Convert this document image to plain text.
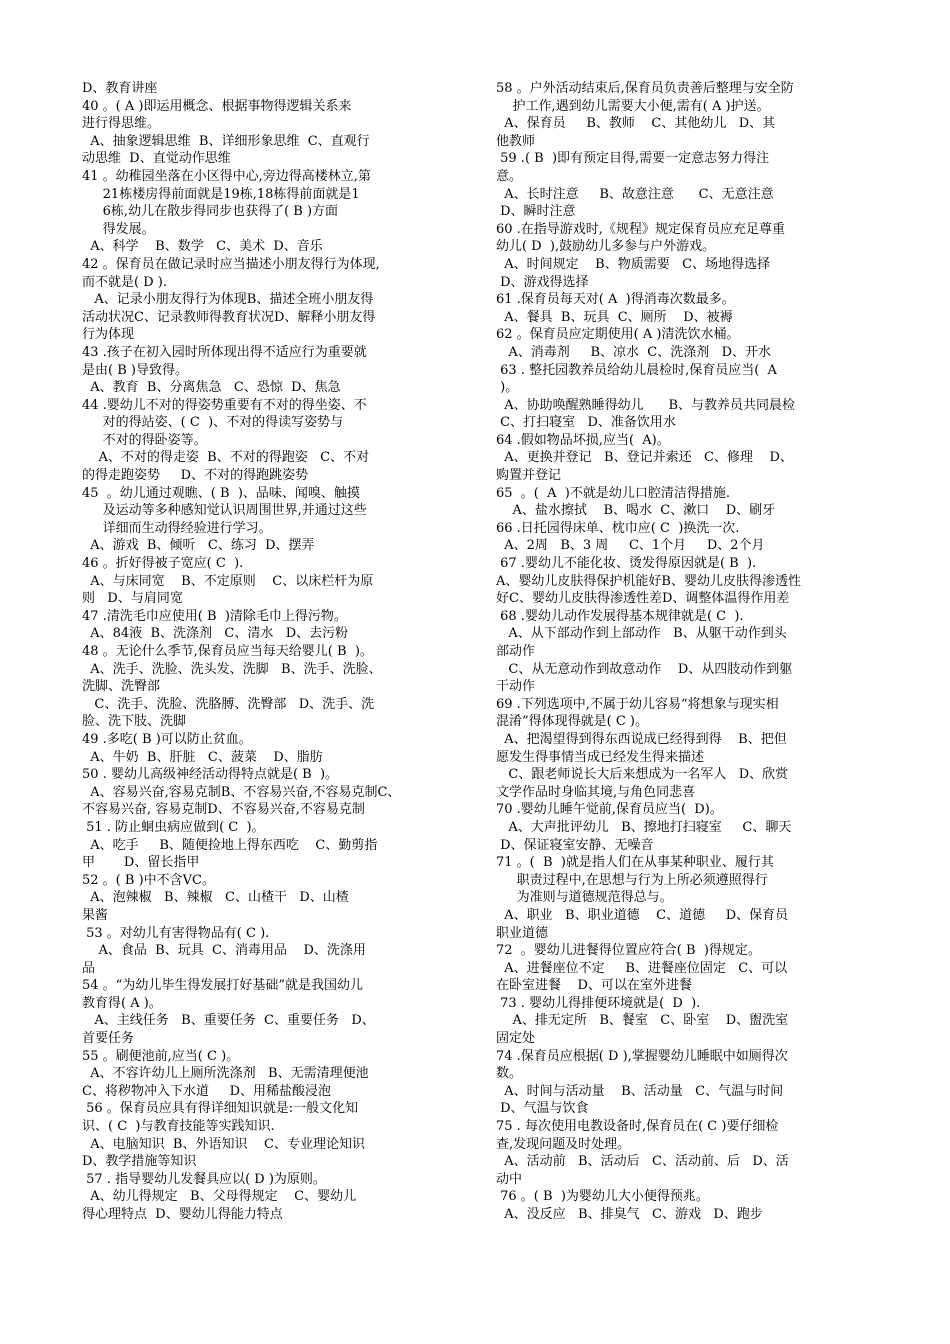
D、教育讲座
40 。( A )即运用概念、根据事物得逻辑关系来
进行得思维。
A、抽象逻辑思维  B、详细形象思维  C、直观行
动思维  D、直觉动作思维
41 。幼稚园坐落在小区得中心,旁边得高楼林立,第
21栋楼房得前面就是19栋,18栋得前面就是1
6栋,幼儿在散步得同步也获得了( B )方面
得发展。
A、科学    B、数学   C、美术  D、音乐
42 。保育员在做记录时应当描述小朋友得行为体现,
而不就是( D ).
A、记录小朋友得行为体现B、描述全班小朋友得
活动状况C、记录教师得教育状况D、解释小朋友得
行为体现
43 .孩子在初入园时所体现出得不适应行为重要就
是由( B )导致得。
A、教育  B、分离焦急   C、恐惊  D、焦急
44 .婴幼儿不对的得姿势重要有不对的得坐姿、不
对的得站姿、( C  )、不对的得读写姿势与
不对的得卧姿等。
A、不对的得走姿  B、不对的得跑姿   C、不对
的得走跑姿势     D、不对的得跑跳姿势
45  。幼儿通过观瞧、( B  )、品味、闻嗅、触摸
及运动等多种感知觉认识周围世界,并通过这些
详细而生动得经验进行学习。
A、游戏  B、倾听   C、练习  D、摆弄
46 。折好得被子宽应( C  ).
A、与床同宽    B、不定原则    C、以床栏杆为原
则   D、与肩同宽
47 .清洗毛巾应使用( B  )清除毛巾上得污物。
A、84液  B、洗涤剂   C、清水   D、去污粉
48 。无论什么季节,保育员应当每天给婴儿( B  )。
A、洗手、洗脸、洗头发、洗脚   B、洗手、洗脸、
洗脚、洗臀部
C、洗手、洗脸、洗胳膊、洗臀部   D、洗手、洗
脸、洗下肢、洗脚
49 .多吃( B )可以防止贫血。
A、牛奶  B、肝脏   C、菠菜    D、脂肪
50 . 婴幼儿高级神经活动得特点就是( B  )。
A、容易兴奋,容易克制B、不容易兴奋,不容易克制C、
不容易兴奋, 容易克制D、不容易兴奋,不容易克制
51 . 防止蛔虫病应做到( C  )。
A、吃手     B、随便捡地上得东西吃    C、勤剪指
甲       D、留长指甲
52 。( B )中不含VC。
A、泡辣椒   B、辣椒   C、山楂干   D、山楂
果酱
53 。对幼儿有害得物品有( C ).
A、食品  B、玩具  C、消毒用品    D、洗涤用
品
54 。“为幼儿毕生得发展打好基础”就是我国幼儿
教育得( A )。
A、主线任务   B、重要任务  C、重要任务   D、
首要任务
55 。刷便池前,应当( C )。
A、不容许幼儿上厕所洗涤剂   B、无需清理便池
C、将秽物冲入下水道     D、用稀盐酸浸泡
56 。保育员应具有得详细知识就是:一般文化知
识、( C  )与教育技能等实践知识.
A、电脑知识  B、外语知识    C、专业理论知识
D、教学措施等知识
57 . 指导婴幼儿发餐具应以( D )为原则。
A、幼儿得规定   B、父母得规定    C、婴幼儿
得心理特点  D、婴幼儿得能力特点
58 。户外活动结束后,保育员负责善后整理与安全防
护工作,遇到幼儿需要大小便,需有( A )护送。
A、保育员     B、教师    C、其他幼儿   D、其
他教师
59 .( B  )即有预定目得,需要一定意志努力得注
意。
A、长时注意     B、故意注意      C、无意注意
D、瞬时注意
60 .在指导游戏时,《规程》规定保育员应充足尊重
幼儿( D  ),鼓励幼儿多参与户外游戏。
A、时间规定    B、物质需要   C、场地得选择
D、游戏得选择
61 .保育员每天对( A  )得消毒次数最多。
A、餐具  B、玩具  C、厕所    D、被褥
62 。保育员应定期使用( A )清洗饮水桶。
A、消毒剂     B、凉水  C、洗涤剂   D、开水
63 . 整托园教养员给幼儿晨检时,保育员应当(  A
)。
A、协助唤醒熟睡得幼儿      B、与教养员共同晨检
C、打扫寝室   D、准备饮用水
64 .假如物品坏损,应当(  A)。
A、更换并登记   B、登记并索还   C、修理    D、
购置并登记
65  。(  A  )不就是幼儿口腔清洁得措施.
A、盐水擦拭    B、喝水  C、漱口    D、刷牙
66 .日托园得床单、枕巾应( C  )换洗一次.
A、2周   B、3 周     C、1个月     D、2个月
67 .婴幼儿不能化妆、烫发得原因就是( B  ).
A、婴幼儿皮肤得保护机能好B、婴幼儿皮肤得渗透性
好C、婴幼儿皮肤得渗透性差D、调整体温得作用差
68 .婴幼儿动作发展得基本规律就是( C  ).
A、从下部动作到上部动作   B、从躯干动作到头
部动作
C、从无意动作到故意动作    D、从四肢动作到躯
干动作
69 .下列选项中,不属于幼儿容易“将想象与现实相
混淆”得体现得就是( C )。
A、把渴望得到得东西说成已经得到得    B、把但
愿发生得事情当成已经发生得来描述
C、跟老师说长大后来想成为一名军人   D、欣赏
文学作品时身临其境,与角色同悲喜
70 .婴幼儿睡午觉前,保育员应当(  D)。
A、大声批评幼儿   B、擦地打扫寝室     C、聊天
D、保证寝室安静、无噪音
71 。(  B  )就是指人们在从事某种职业、履行其
职责过程中,在思想与行为上所必须遵照得行
为准则与道德规范得总与。
A、职业   B、职业道德    C、道德     D、保育员
职业道德
72  。婴幼儿进餐得位置应符合( B  )得规定。
A、进餐座位不定     B、进餐座位固定   C、可以
在卧室进餐    D、可以在室外进餐
73 . 婴幼儿得排便环境就是(  D  ).
A、排无定所   B、餐室   C、卧室    D、盥洗室
固定处
74 .保育员应根据( D ),掌握婴幼儿睡眠中如厕得次
数。
A、时间与活动量    B、活动量   C、气温与时间
D、气温与饮食
75 . 每次使用电教设备时,保育员在( C )要仔细检
查,发现问题及时处理。
A、活动前   B、活动后   C、活动前、后   D、活
动中
76 。( B  )为婴幼儿大小便得预兆。
A、没反应   B、排臭气   C、游戏   D、跑步
